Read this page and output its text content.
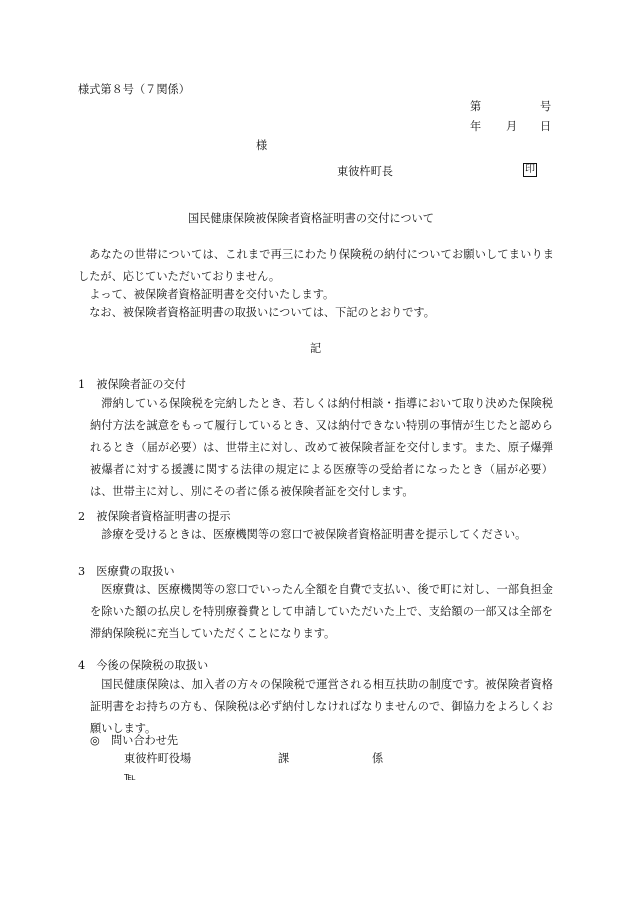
様式第８号（７関係）
第	号
年 月 日
様
東彼杵町長	印
国民健康保険被保険者資格証明書の交付について
あなたの世帯については、これまで再三にわたり保険税の納付についてお願いしてまいりましたが、応じていただいておりません。
よって、被保険者資格証明書を交付いたします。
なお、被保険者資格証明書の取扱いについては、下記のとおりです。
記
1　被保険者証の交付
滞納している保険税を完納したとき、若しくは納付相談・指導において取り決めた保険税納付方法を誠意をもって履行しているとき、又は納付できない特別の事情が生じたと認められるとき（届が必要）は、世帯主に対し、改めて被保険者証を交付します。また、原子爆弾被爆者に対する援護に関する法律の規定による医療等の受給者になったとき（届が必要）は、世帯主に対し、別にその者に係る被保険者証を交付します。
2　被保険者資格証明書の提示
診療を受けるときは、医療機関等の窓口で被保険者資格証明書を提示してください。
3　医療費の取扱い
医療費は、医療機関等の窓口でいったん全額を自費で支払い、後で町に対し、一部負担金を除いた額の払戻しを特別療養費として申請していただいた上で、支給額の一部又は全部を滞納保険税に充当していただくことになります。
4　今後の保険税の取扱い
国民健康保険は、加入者の方々の保険税で運営される相互扶助の制度です。被保険者資格証明書をお持ちの方も、保険税は必ず納付しなければなりませんので、御協力をよろしくお願いします。
◎　問い合わせ先
東彼杵町役場	課	係
℡
